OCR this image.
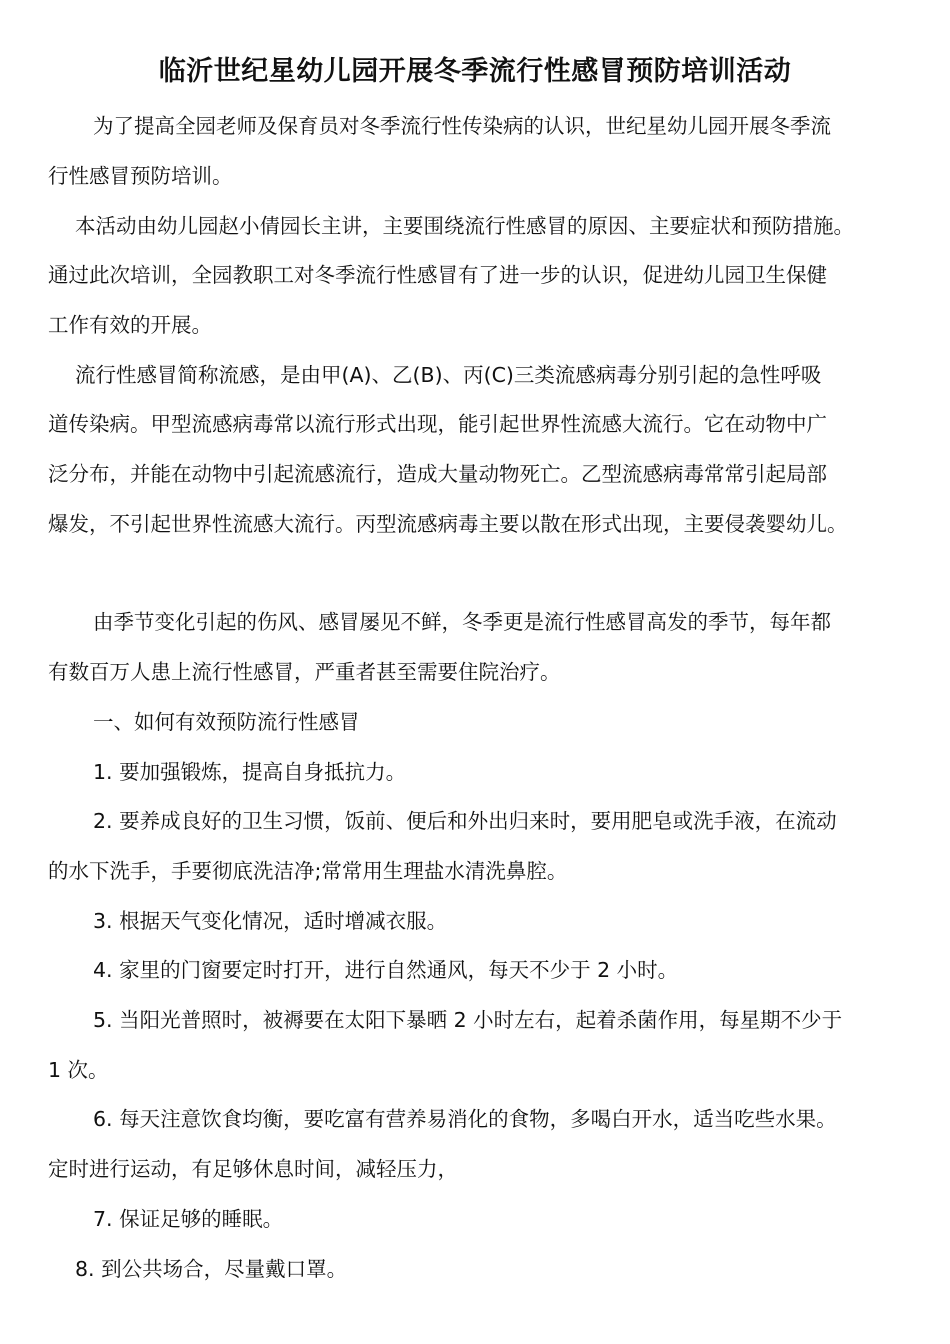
临沂世纪星幼儿园开展冬季流行性感冒预防培训活动
为了提高全园老师及保育员对冬季流行性传染病的认识，世纪星幼儿园开展冬季流
行性感冒预防培训。
本活动由幼儿园赵小倩园长主讲，主要围绕流行性感冒的原因、主要症状和预防措施。
通过此次培训，全园教职工对冬季流行性感冒有了进一步的认识，促进幼儿园卫生保健
工作有效的开展。
流行性感冒简称流感，是由甲(A)、乙(B)、丙(C)三类流感病毒分别引起的急性呼吸
道传染病。甲型流感病毒常以流行形式出现，能引起世界性流感大流行。它在动物中广
泛分布，并能在动物中引起流感流行，造成大量动物死亡。乙型流感病毒常常引起局部
爆发，不引起世界性流感大流行。丙型流感病毒主要以散在形式出现，主要侵袭婴幼儿。
由季节变化引起的伤风、感冒屡见不鲜，冬季更是流行性感冒高发的季节，每年都
有数百万人患上流行性感冒，严重者甚至需要住院治疗。
一、如何有效预防流行性感冒
1. 要加强锻炼，提高自身抵抗力。
2. 要养成良好的卫生习惯，饭前、便后和外出归来时，要用肥皂或洗手液，在流动
的水下洗手，手要彻底洗洁净;常常用生理盐水清洗鼻腔。
3. 根据天气变化情况，适时增减衣服。
4. 家里的门窗要定时打开，进行自然通风，每天不少于 2 小时。
5. 当阳光普照时，被褥要在太阳下暴晒 2 小时左右，起着杀菌作用，每星期不少于
1 次。
6. 每天注意饮食均衡，要吃富有营养易消化的食物，多喝白开水，适当吃些水果。
定时进行运动，有足够休息时间，减轻压力，
7. 保证足够的睡眠。
8. 到公共场合，尽量戴口罩。
